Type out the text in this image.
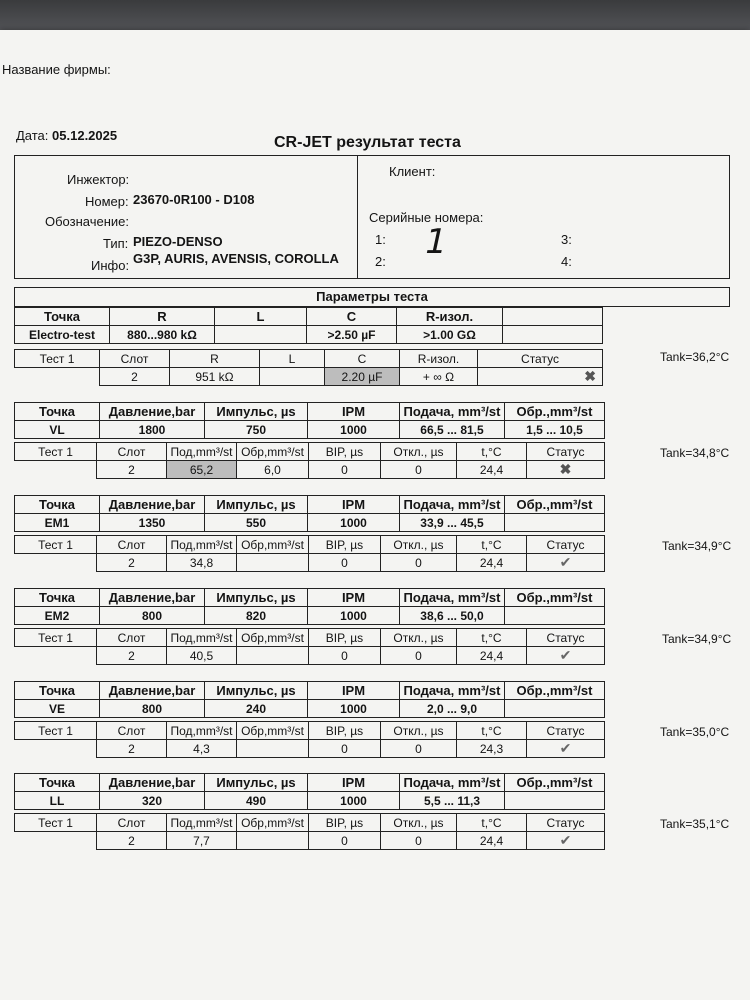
Название фирмы:
Дата: 05.12.2025	CR-JET результат теста
Инжектор:
Номер: 23670-0R100 - D108
Обозначение:
Тип: PIEZO-DENSO
Инфо: G3P, AURIS, AVENSIS, COROLLA
Клиент:
Серийные номера:
1: 1
2:
3:
4:
Параметры теста
Точка	R	L	C	R-изол.	
Electro-test	880...980 kΩ		>2.50 µF	>1.00 GΩ	
Тест 1	Слот	R	L	C	R-изол.	Статус
	2	951 kΩ		2.20 µF	+ ∞ Ω	✖
Tank=36,2°C
Точка	Давление,bar	Импульс, µs	IPM	Подача, mm³/st	Обр.,mm³/st
VL	1800	750	1000	66,5 ... 81,5	1,5 ... 10,5
Тест 1	Слот	Под,mm³/st	Обр,mm³/st	BIP, µs	Откл., µs	t,°C	Статус
	2	65,2	6,0	0	0	24,4	✖
Tank=34,8°C
Точка	Давление,bar	Импульс, µs	IPM	Подача, mm³/st	Обр.,mm³/st
EM1	1350	550	1000	33,9 ... 45,5	
Тест 1	Слот	Под,mm³/st	Обр,mm³/st	BIP, µs	Откл., µs	t,°C	Статус
	2	34,8		0	0	24,4	✔
Tank=34,9°C
Точка	Давление,bar	Импульс, µs	IPM	Подача, mm³/st	Обр.,mm³/st
EM2	800	820	1000	38,6 ... 50,0	
Тест 1	Слот	Под,mm³/st	Обр,mm³/st	BIP, µs	Откл., µs	t,°C	Статус
	2	40,5		0	0	24,4	✔
Tank=34,9°C
Точка	Давление,bar	Импульс, µs	IPM	Подача, mm³/st	Обр.,mm³/st
VE	800	240	1000	2,0 ... 9,0	
Тест 1	Слот	Под,mm³/st	Обр,mm³/st	BIP, µs	Откл., µs	t,°C	Статус
	2	4,3		0	0	24,3	✔
Tank=35,0°C
Точка	Давление,bar	Импульс, µs	IPM	Подача, mm³/st	Обр.,mm³/st
LL	320	490	1000	5,5 ... 11,3	
Тест 1	Слот	Под,mm³/st	Обр,mm³/st	BIP, µs	Откл., µs	t,°C	Статус
	2	7,7		0	0	24,4	✔
Tank=35,1°C
